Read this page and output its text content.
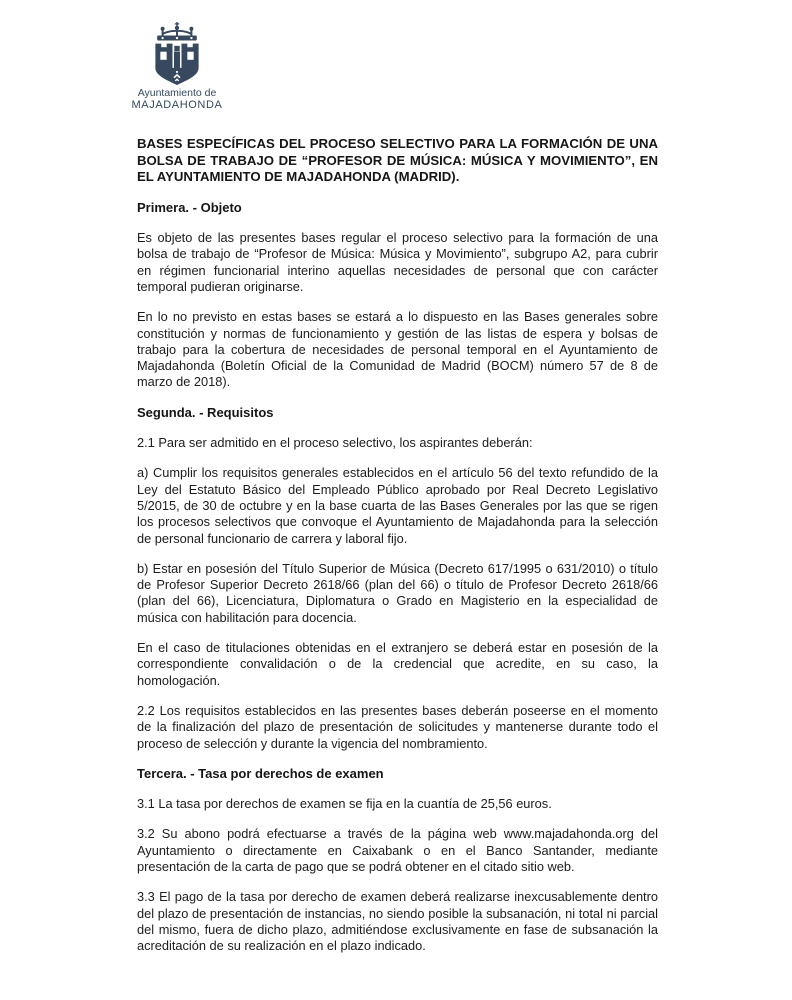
Ayuntamiento de
MAJADAHONDA
BASES ESPECÍFICAS DEL PROCESO SELECTIVO PARA LA FORMACIÓN DE UNA BOLSA DE TRABAJO DE “PROFESOR DE MÚSICA: MÚSICA Y MOVIMIENTO”, EN EL AYUNTAMIENTO DE MAJADAHONDA (MADRID).
Primera. - Objeto

Es objeto de las presentes bases regular el proceso selectivo para la formación de una bolsa de trabajo de “Profesor de Música: Música y Movimiento”, subgrupo A2, para cubrir en régimen funcionarial interino aquellas necesidades de personal que con carácter temporal pudieran originarse.

En lo no previsto en estas bases se estará a lo dispuesto en las Bases generales sobre constitución y normas de funcionamiento y gestión de las listas de espera y bolsas de trabajo para la cobertura de necesidades de personal temporal en el Ayuntamiento de Majadahonda (Boletín Oficial de la Comunidad de Madrid (BOCM) número 57 de 8 de marzo de 2018).

Segunda. - Requisitos

2.1 Para ser admitido en el proceso selectivo, los aspirantes deberán:

a) Cumplir los requisitos generales establecidos en el artículo 56 del texto refundido de la Ley del Estatuto Básico del Empleado Público aprobado por Real Decreto Legislativo 5/2015, de 30 de octubre y en la base cuarta de las Bases Generales por las que se rigen los procesos selectivos que convoque el Ayuntamiento de Majadahonda para la selección de personal funcionario de carrera y laboral fijo.

b) Estar en posesión del Título Superior de Música (Decreto 617/1995 o 631/2010) o título de Profesor Superior Decreto 2618/66 (plan del 66) o título de Profesor Decreto 2618/66 (plan del 66), Licenciatura, Diplomatura o Grado en Magisterio en la especialidad de música con habilitación para docencia.

En el caso de titulaciones obtenidas en el extranjero se deberá estar en posesión de la correspondiente convalidación o de la credencial que acredite, en su caso, la homologación.

2.2 Los requisitos establecidos en las presentes bases deberán poseerse en el momento de la finalización del plazo de presentación de solicitudes y mantenerse durante todo el proceso de selección y durante la vigencia del nombramiento.

Tercera. - Tasa por derechos de examen

3.1 La tasa por derechos de examen se fija en la cuantía de 25,56 euros.

3.2 Su abono podrá efectuarse a través de la página web www.majadahonda.org del Ayuntamiento o directamente en Caixabank o en el Banco Santander, mediante presentación de la carta de pago que se podrá obtener en el citado sitio web.

3.3 El pago de la tasa por derecho de examen deberá realizarse inexcusablemente dentro del plazo de presentación de instancias, no siendo posible la subsanación, ni total ni parcial del mismo, fuera de dicho plazo, admitiéndose exclusivamente en fase de subsanación la acreditación de su realización en el plazo indicado.
